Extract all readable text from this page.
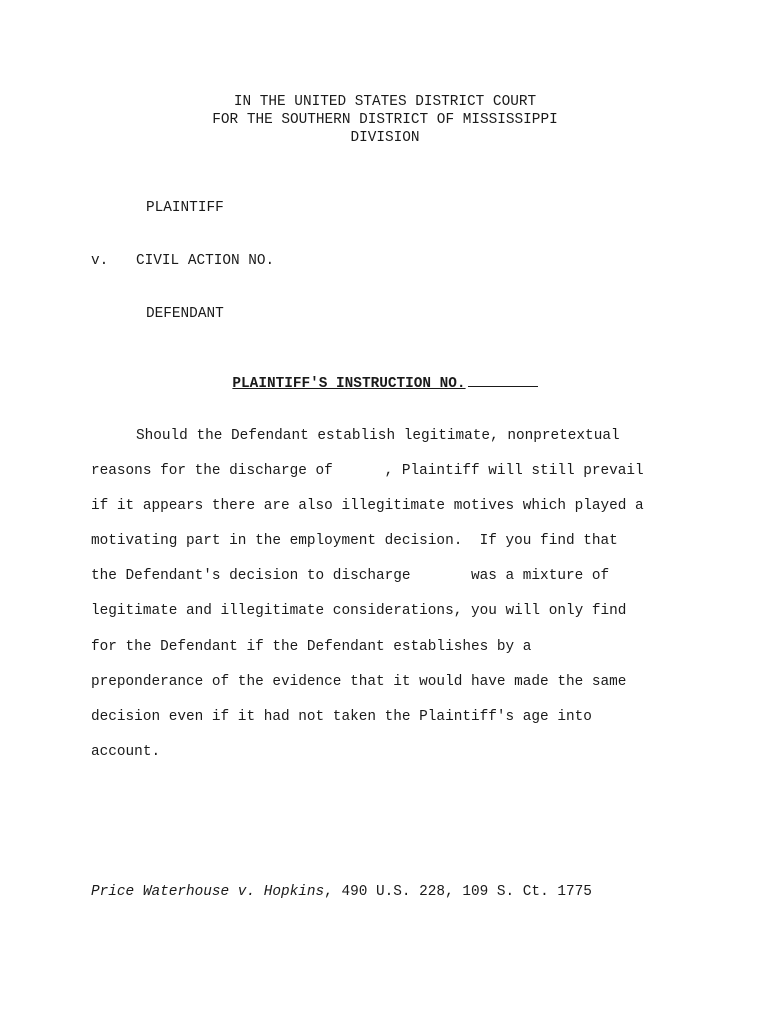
IN THE UNITED STATES DISTRICT COURT
FOR THE SOUTHERN DISTRICT OF MISSISSIPPI
DIVISION
PLAINTIFF
v. CIVIL ACTION NO.
DEFENDANT
PLAINTIFF'S INSTRUCTION NO.
Should the Defendant establish legitimate, nonpretextual
reasons for the discharge of      , Plaintiff will still prevail
if it appears there are also illegitimate motives which played a
motivating part in the employment decision.  If you find that
the Defendant's decision to discharge       was a mixture of
legitimate and illegitimate considerations, you will only find
for the Defendant if the Defendant establishes by a
preponderance of the evidence that it would have made the same
decision even if it had not taken the Plaintiff's age into
account.
Price Waterhouse v. Hopkins, 490 U.S. 228, 109 S. Ct. 1775
